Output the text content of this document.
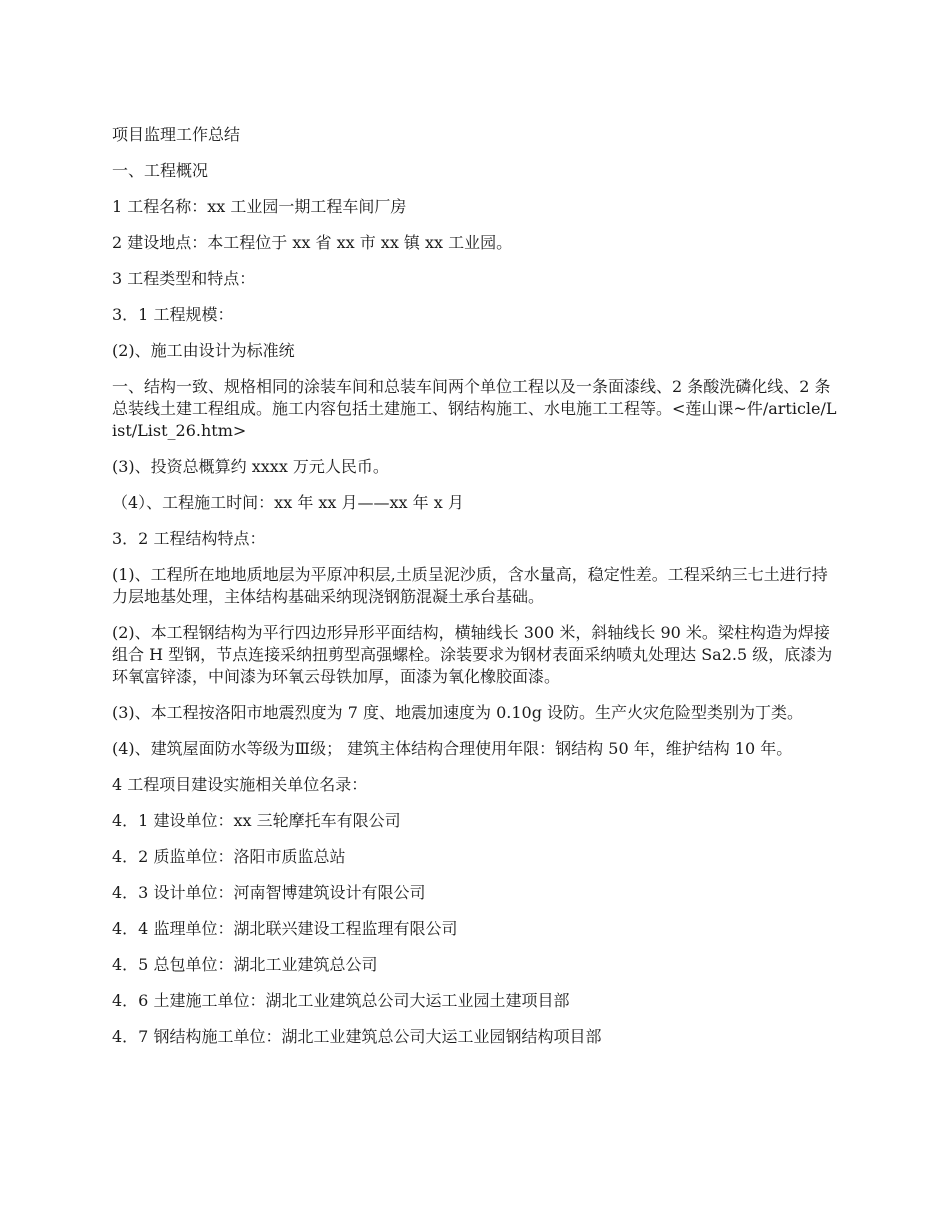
项目监理工作总结

一、工程概况

1 工程名称：xx 工业园一期工程车间厂房

2 建设地点：本工程位于 xx 省 xx 市 xx 镇 xx 工业园。

3 工程类型和特点：

3．1 工程规模：

(2)、施工由设计为标准统

一、结构一致、规格相同的涂装车间和总装车间两个单位工程以及一条面漆线、2 条酸洗磷化线、2 条总装线土建工程组成。施工内容包括土建施工、钢结构施工、水电施工工程等。<莲山课~件/article/List/List_26.htm>

(3)、投资总概算约 xxxx 万元人民币。

（4）、工程施工时间：xx 年 xx 月——xx 年 x 月

3．2 工程结构特点：

(1)、工程所在地地质地层为平原冲积层,土质呈泥沙质，含水量高，稳定性差。工程采纳三七土进行持力层地基处理，主体结构基础采纳现浇钢筋混凝土承台基础。

(2)、本工程钢结构为平行四边形异形平面结构，横轴线长 300 米，斜轴线长 90 米。梁柱构造为焊接组合 H 型钢，节点连接采纳扭剪型高强螺栓。涂装要求为钢材表面采纳喷丸处理达 Sa2.5 级，底漆为环氧富锌漆，中间漆为环氧云母铁加厚，面漆为氧化橡胶面漆。

(3)、本工程按洛阳市地震烈度为 7 度、地震加速度为 0.10g 设防。生产火灾危险型类别为丁类。

(4)、建筑屋面防水等级为Ⅲ级； 建筑主体结构合理使用年限：钢结构 50 年，维护结构 10 年。

4 工程项目建设实施相关单位名录：

4．1 建设单位：xx 三轮摩托车有限公司

4．2 质监单位：洛阳市质监总站

4．3 设计单位：河南智博建筑设计有限公司

4．4 监理单位：湖北联兴建设工程监理有限公司

4．5 总包单位：湖北工业建筑总公司

4．6 土建施工单位：湖北工业建筑总公司大运工业园土建项目部

4．7 钢结构施工单位：湖北工业建筑总公司大运工业园钢结构项目部
